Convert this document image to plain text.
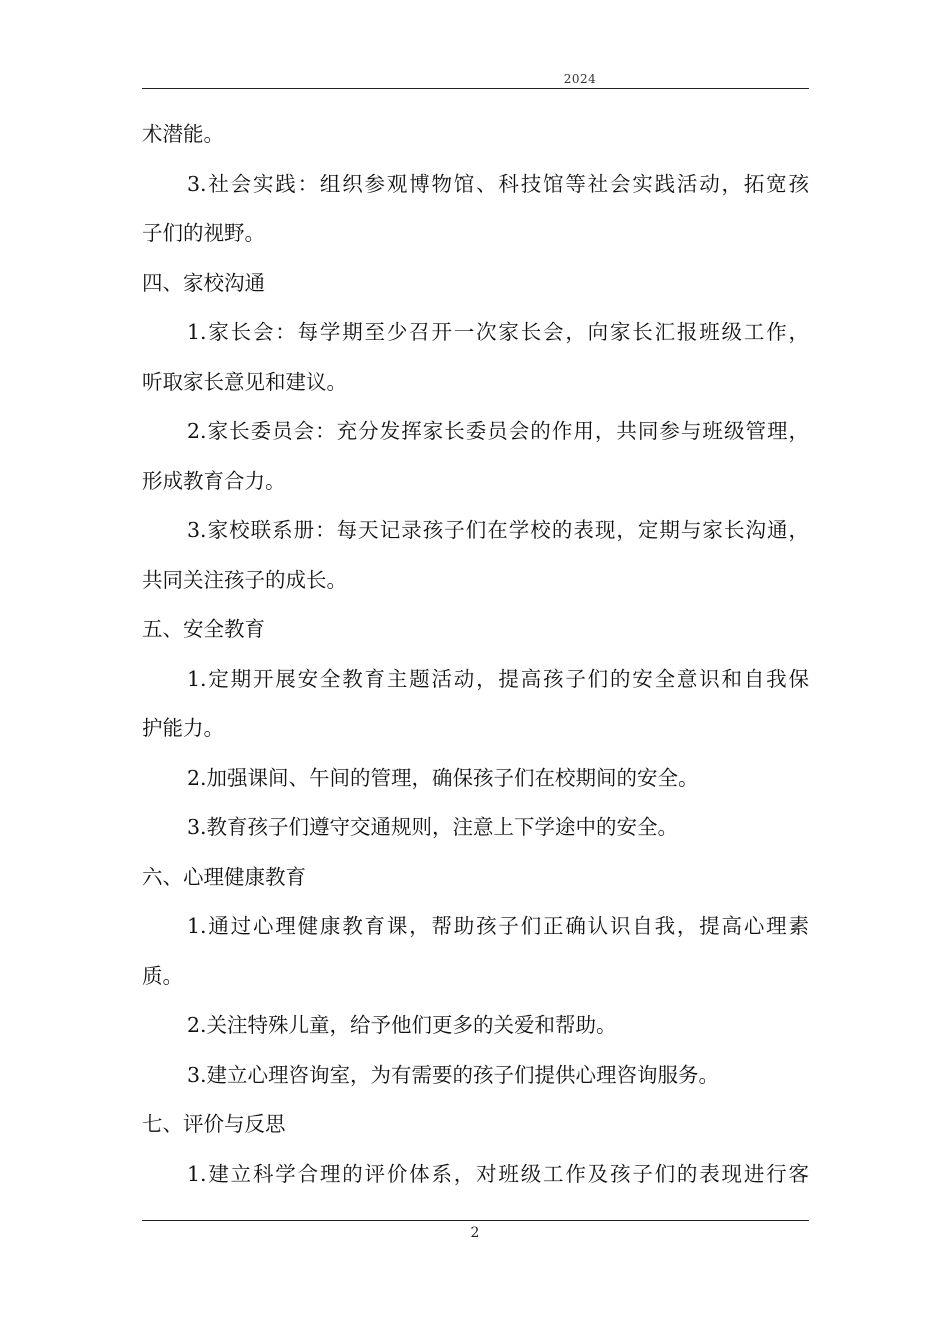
2024
术潜能。
3.社会实践：组织参观博物馆、科技馆等社会实践活动，拓宽孩
子们的视野。
四、家校沟通
1.家长会：每学期至少召开一次家长会，向家长汇报班级工作，
听取家长意见和建议。
2.家长委员会：充分发挥家长委员会的作用，共同参与班级管理，
形成教育合力。
3.家校联系册：每天记录孩子们在学校的表现，定期与家长沟通，
共同关注孩子的成长。
五、安全教育
1.定期开展安全教育主题活动，提高孩子们的安全意识和自我保
护能力。
2.加强课间、午间的管理，确保孩子们在校期间的安全。
3.教育孩子们遵守交通规则，注意上下学途中的安全。
六、心理健康教育
1.通过心理健康教育课，帮助孩子们正确认识自我，提高心理素
质。
2.关注特殊儿童，给予他们更多的关爱和帮助。
3.建立心理咨询室，为有需要的孩子们提供心理咨询服务。
七、评价与反思
1.建立科学合理的评价体系，对班级工作及孩子们的表现进行客
2
